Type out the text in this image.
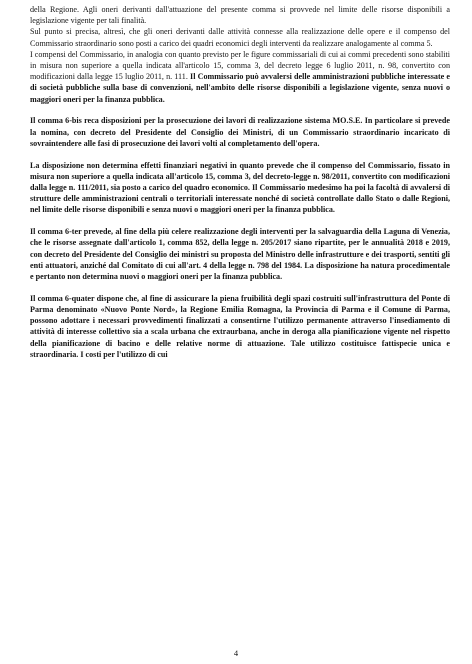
della Regione. Agli oneri derivanti dall'attuazione del presente comma si provvede nel limite delle risorse disponibili a legislazione vigente per tali finalità.

Sul punto si precisa, altresì, che gli oneri derivanti dalle attività connesse alla realizzazione delle opere e il compenso del Commissario straordinario sono posti a carico dei quadri economici degli interventi da realizzare analogamente al comma 5.

I compensi del Commissario, in analogia con quanto previsto per le figure commissariali di cui ai commi precedenti sono stabiliti in misura non superiore a quella indicata all'articolo 15, comma 3, del decreto legge 6 luglio 2011, n. 98, convertito con modificazioni dalla legge 15 luglio 2011, n. 111. Il Commissario può avvalersi delle amministrazioni pubbliche interessate e di società pubbliche sulla base di convenzioni, nell'ambito delle risorse disponibili a legislazione vigente, senza nuovi o maggiori oneri per la finanza pubblica.

Il comma 6-bis reca disposizioni per la prosecuzione dei lavori di realizzazione sistema MO.S.E. In particolare si prevede la nomina, con decreto del Presidente del Consiglio dei Ministri, di un Commissario straordinario incaricato di sovraintendere alle fasi di prosecuzione dei lavori volti al completamento dell'opera.

La disposizione non determina effetti finanziari negativi in quanto prevede che il compenso del Commissario, fissato in misura non superiore a quella indicata all'articolo 15, comma 3, del decreto-legge n. 98/2011, convertito con modificazioni dalla legge n. 111/2011, sia posto a carico del quadro economico. Il Commissario medesimo ha poi la facoltà di avvalersi di strutture delle amministrazioni centrali o territoriali interessate nonché di società controllate dallo Stato o dalle Regioni, nel limite delle risorse disponibili e senza nuovi o maggiori oneri per la finanza pubblica.

Il comma 6-ter prevede, al fine della più celere realizzazione degli interventi per la salvaguardia della Laguna di Venezia, che le risorse assegnate dall'articolo 1, comma 852, della legge n. 205/2017 siano ripartite, per le annualità 2018 e 2019, con decreto del Presidente del Consiglio dei ministri su proposta del Ministro delle infrastrutture e dei trasporti, sentiti gli enti attuatori, anziché dal Comitato di cui all'art. 4 della legge n. 798 del 1984. La disposizione ha natura procedimentale e pertanto non determina nuovi o maggiori oneri per la finanza pubblica.

Il comma 6-quater dispone che, al fine di assicurare la piena fruibilità degli spazi costruiti sull'infrastruttura del Ponte di Parma denominato «Nuovo Ponte Nord», la Regione Emilia Romagna, la Provincia di Parma e il Comune di Parma, possono adottare i necessari provvedimenti finalizzati a consentirne l'utilizzo permanente attraverso l'insediamento di attività di interesse collettivo sia a scala urbana che extraurbana, anche in deroga alla pianificazione vigente nel rispetto della pianificazione di bacino e delle relative norme di attuazione. Tale utilizzo costituisce fattispecie unica e straordinaria. I costi per l'utilizzo di cui

4
